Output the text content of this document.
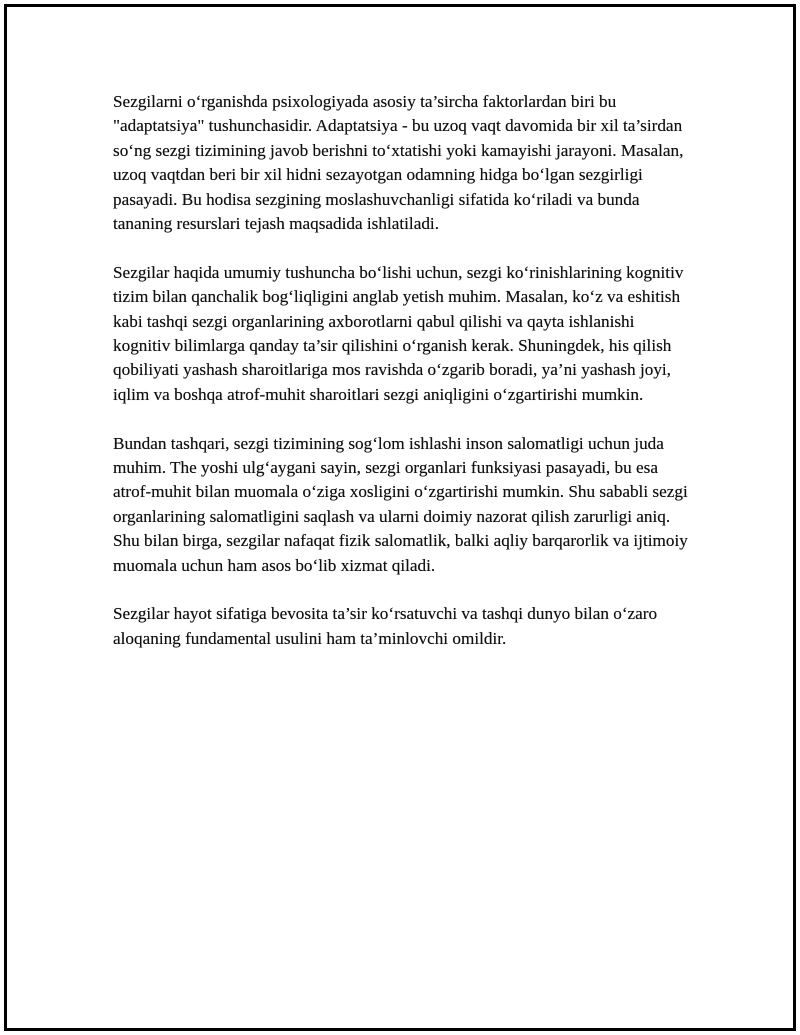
Sezgilarni o‘rganishda psixologiyada asosiy ta’sircha faktorlardan biri bu "adaptatsiya" tushunchasidir. Adaptatsiya - bu uzoq vaqt davomida bir xil ta’sirdan so‘ng sezgi tizimining javob berishni to‘xtatishi yoki kamayishi jarayoni. Masalan, uzoq vaqtdan beri bir xil hidni sezayotgan odamning hidga bo‘lgan sezgirligi pasayadi. Bu hodisa sezgining moslashuvchanligi sifatida ko‘riladi va bunda tananing resurslari tejash maqsadida ishlatiladi.

Sezgilar haqida umumiy tushuncha bo‘lishi uchun, sezgi ko‘rinishlarining kognitiv tizim bilan qanchalik bog‘liqligini anglab yetish muhim. Masalan, ko‘z va eshitish kabi tashqi sezgi organlarining axborotlarni qabul qilishi va qayta ishlanishi kognitiv bilimlarga qanday ta’sir qilishini o‘rganish kerak. Shuningdek, his qilish qobiliyati yashash sharoitlariga mos ravishda o‘zgarib boradi, ya’ni yashash joyi, iqlim va boshqa atrof-muhit sharoitlari sezgi aniqligini o‘zgartirishi mumkin.

Bundan tashqari, sezgi tizimining sog‘lom ishlashi inson salomatligi uchun juda muhim. The yoshi ulg‘aygani sayin, sezgi organlari funksiyasi pasayadi, bu esa atrof-muhit bilan muomala o‘ziga xosligini o‘zgartirishi mumkin. Shu sababli sezgi organlarining salomatligini saqlash va ularni doimiy nazorat qilish zarurligi aniq. Shu bilan birga, sezgilar nafaqat fizik salomatlik, balki aqliy barqarorlik va ijtimoiy muomala uchun ham asos bo‘lib xizmat qiladi.

Sezgilar hayot sifatiga bevosita ta’sir ko‘rsatuvchi va tashqi dunyo bilan o‘zaro aloqaning fundamental usulini ham ta’minlovchi omildir.
